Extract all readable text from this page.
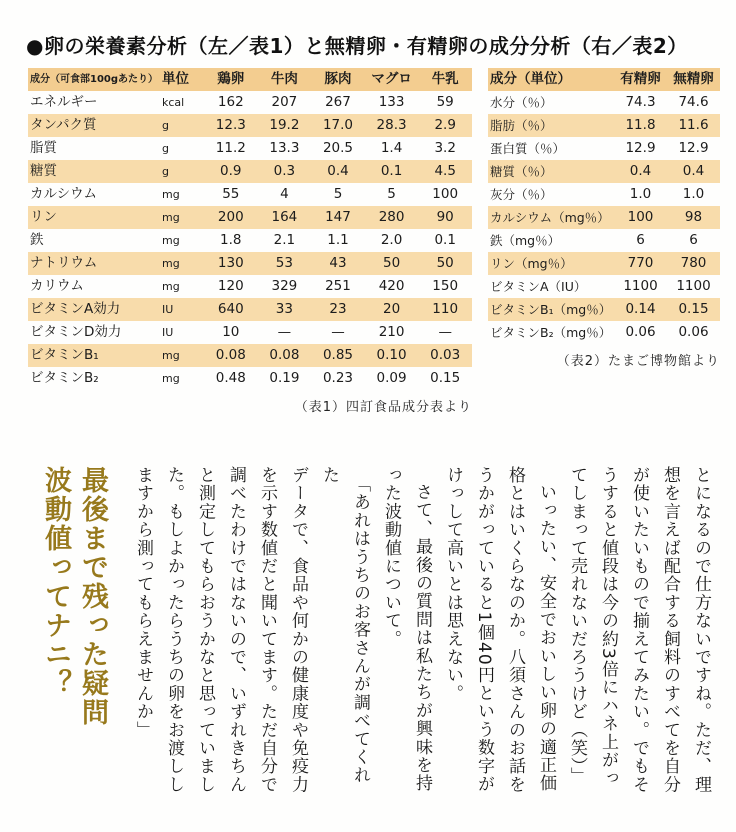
●卵の栄養素分析（左／表1）と無精卵・有精卵の成分分析（右／表2）
成分（可食部100gあたり）	単位	鶏卵	牛肉	豚肉	マグロ	牛乳
エネルギー	kcal	162	207	267	133	59
タンパク質	g	12.3	19.2	17.0	28.3	2.9
脂質	g	11.2	13.3	20.5	1.4	3.2
糖質	g	0.9	0.3	0.4	0.1	4.5
カルシウム	mg	55	4	5	5	100
リン	mg	200	164	147	280	90
鉄	mg	1.8	2.1	1.1	2.0	0.1
ナトリウム	mg	130	53	43	50	50
カリウム	mg	120	329	251	420	150
ビタミンA効力	IU	640	33	23	20	110
ビタミンD効力	IU	10	—	—	210	—
ビタミンB₁	mg	0.08	0.08	0.85	0.10	0.03
ビタミンB₂	mg	0.48	0.19	0.23	0.09	0.15
（表1）四訂食品成分表より
成分（単位）	有精卵	無精卵
水分（％）	74.3	74.6
脂肪（％）	11.8	11.6
蛋白質（％）	12.9	12.9
糖質（％）	0.4	0.4
灰分（％）	1.0	1.0
カルシウム（mg％）	100	98
鉄（mg％）	6	6
リン（mg％）	770	780
ビタミンA（IU）	1100	1100
ビタミンB₁（mg％）	0.14	0.15
ビタミンB₂（mg％）	0.06	0.06
（表2）たまご博物館より
とになるので仕方ないですね。ただ、理
想を言えば配合する飼料のすべてを自分
が使いたいもので揃えてみたい。でもそ
うすると値段は今の約3倍にハネ上がっ
てしまって売れないだろうけど（笑）」
いったい、安全でおいしい卵の適正価
格とはいくらなのか。八須さんのお話を
うかがっていると1個40円という数字が
けっして高いとは思えない。
さて、最後の質問は私たちが興味を持
った波動値について。
「あれはうちのお客さんが調べてくれた
データで、食品や何かの健康度や免疫力
を示す数値だと聞いてます。ただ自分で
調べたわけではないので、いずれきちん
と測定してもらおうかなと思っていまし
た。もしよかったらうちの卵をお渡しし
ますから測ってもらえませんか」
最後まで残った疑問
波動値ってナニ？
